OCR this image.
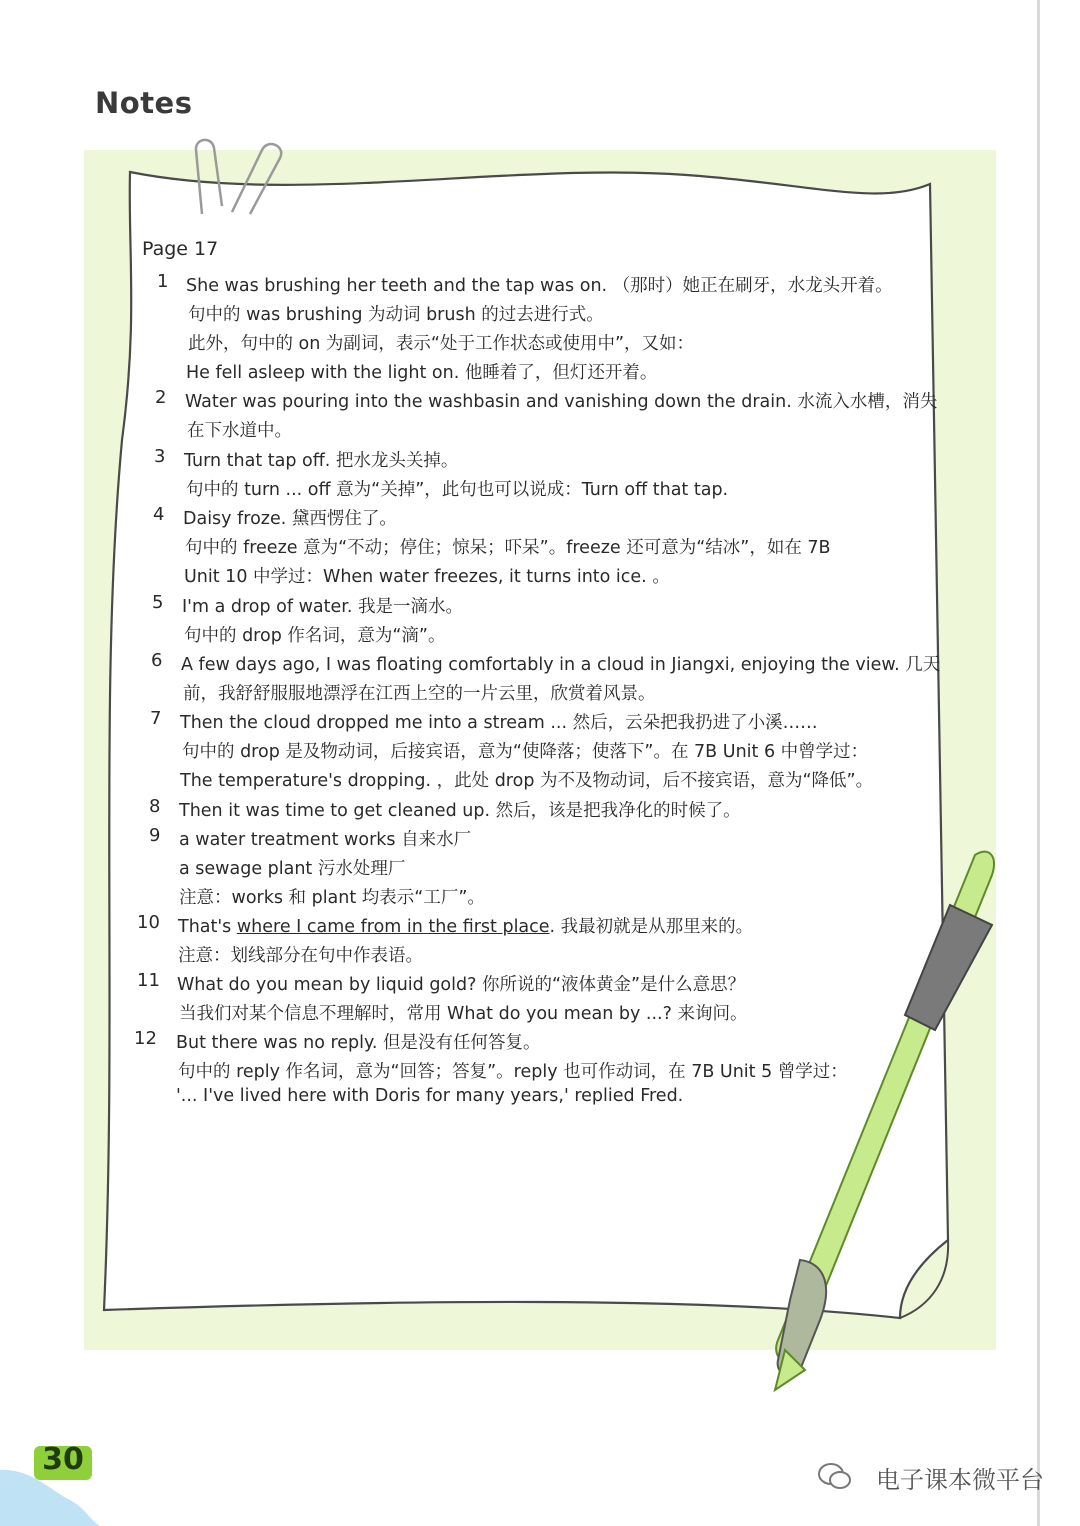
Notes
Page 17
1 She was brushing her teeth and the tap was on. （那时）她正在刷牙，水龙头开着。
句中的 was brushing 为动词 brush 的过去进行式。
此外，句中的 on 为副词，表示“处于工作状态或使用中”，又如：
He fell asleep with the light on. 他睡着了，但灯还开着。
2 Water was pouring into the washbasin and vanishing down the drain. 水流入水槽，消失
在下水道中。
3 Turn that tap off. 把水龙头关掉。
句中的 turn ... off 意为“关掉”，此句也可以说成：Turn off that tap.
4 Daisy froze. 黛西愣住了。
句中的 freeze 意为“不动；停住；惊呆；吓呆”。freeze 还可意为“结冰”，如在 7B
Unit 10 中学过：When water freezes, it turns into ice. 。
5 I'm a drop of water. 我是一滴水。
句中的 drop 作名词，意为“滴”。
6 A few days ago, I was floating comfortably in a cloud in Jiangxi, enjoying the view. 几天
前，我舒舒服服地漂浮在江西上空的一片云里，欣赏着风景。
7 Then the cloud dropped me into a stream ... 然后，云朵把我扔进了小溪……
句中的 drop 是及物动词，后接宾语，意为“使降落；使落下”。在 7B Unit 6 中曾学过：
The temperature's dropping. ，此处 drop 为不及物动词，后不接宾语，意为“降低”。
8 Then it was time to get cleaned up. 然后，该是把我净化的时候了。
9 a water treatment works 自来水厂
a sewage plant 污水处理厂
注意：works 和 plant 均表示“工厂”。
10 That's where I came from in the first place. 我最初就是从那里来的。
注意：划线部分在句中作表语。
11 What do you mean by liquid gold? 你所说的“液体黄金”是什么意思？
当我们对某个信息不理解时，常用 What do you mean by ...? 来询问。
12 But there was no reply. 但是没有任何答复。
句中的 reply 作名词，意为“回答；答复”。reply 也可作动词，在 7B Unit 5 曾学过：
'... I've lived here with Doris for many years,' replied Fred.
30
电子课本微平台
